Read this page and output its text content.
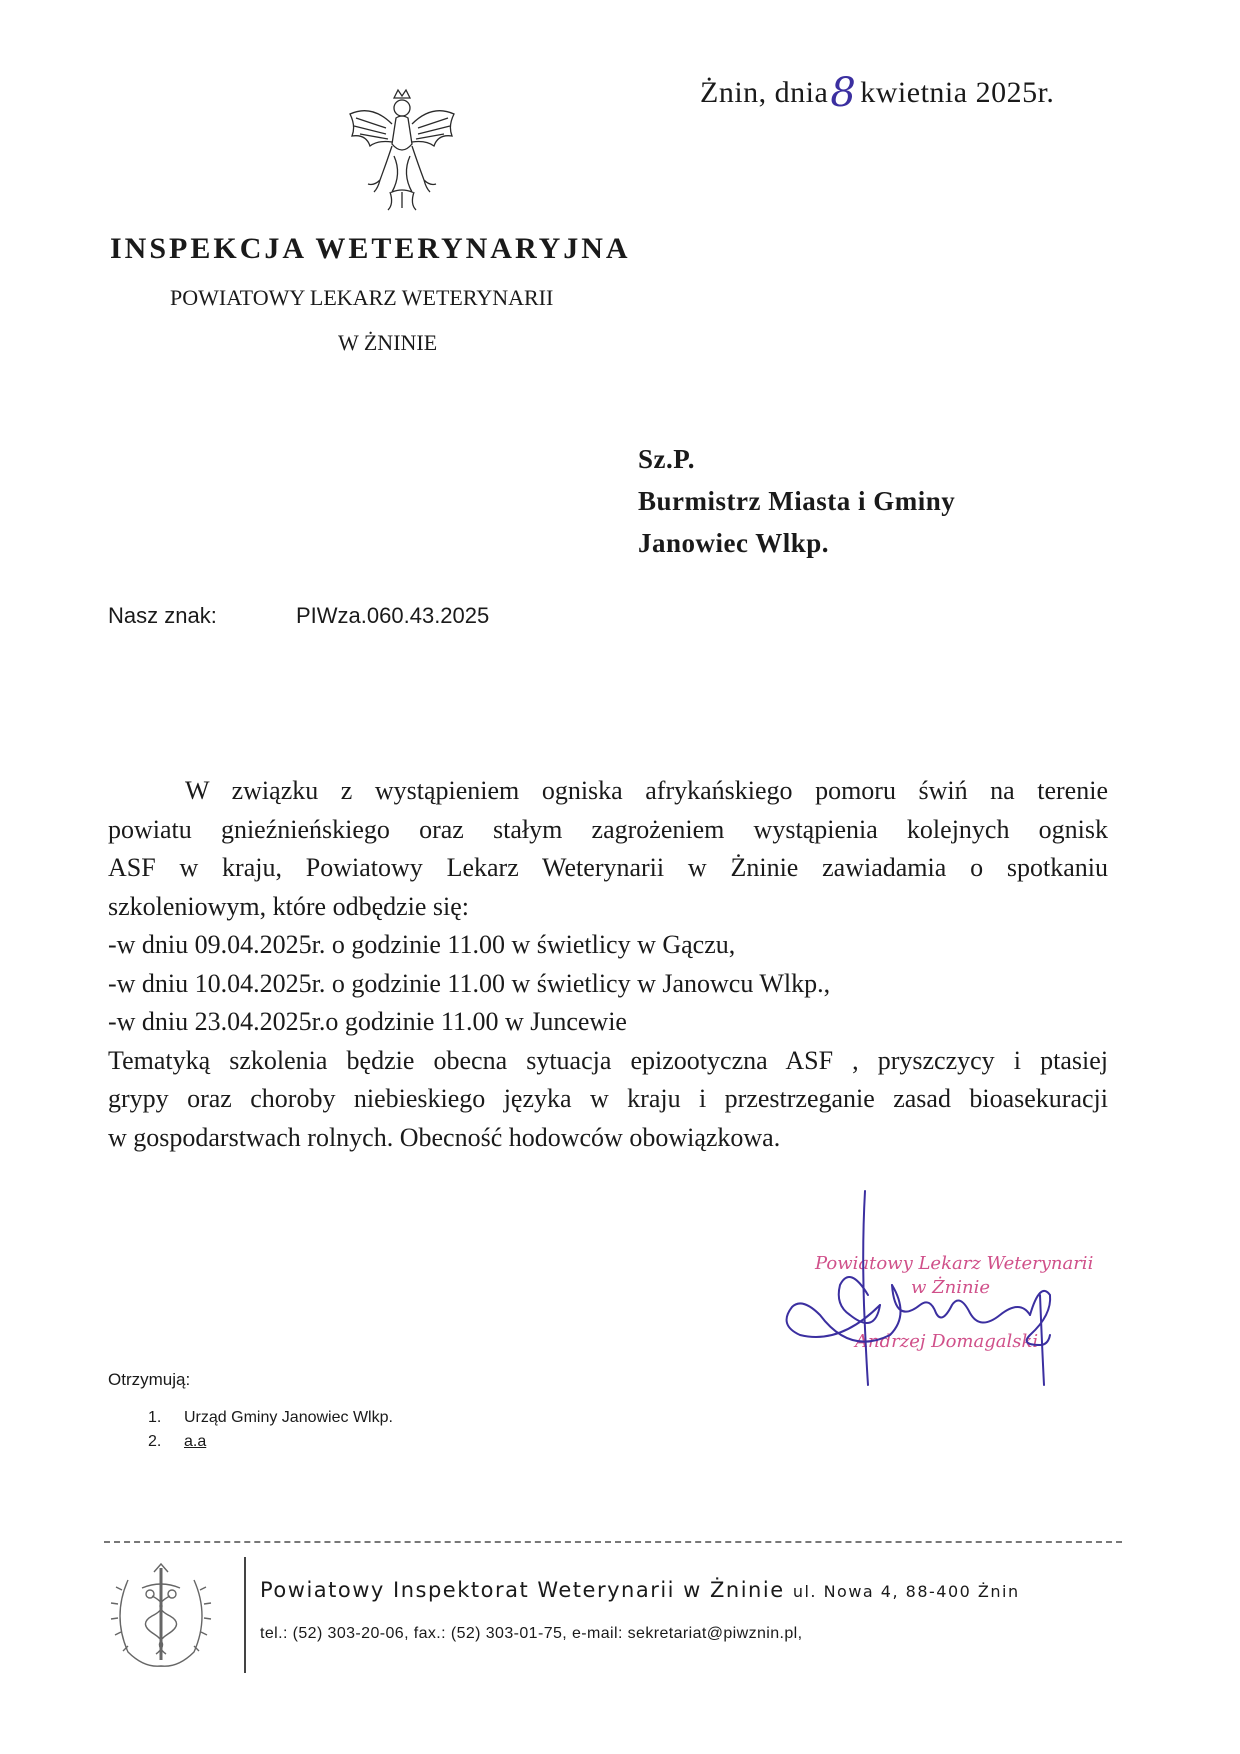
Żnin, dnia8 kwietnia 2025r.
INSPEKCJA WETERYNARYJNA
POWIATOWY LEKARZ WETERYNARII
W ŻNINIE
Sz.P.
Burmistrz Miasta i Gminy
Janowiec Wlkp.
Nasz znak:	PIWza.060.43.2025

W związku z wystąpieniem ogniska afrykańskiego pomoru świń na terenie

powiatu gnieźnieńskiego oraz stałym zagrożeniem wystąpienia kolejnych ognisk

ASF w kraju, Powiatowy Lekarz Weterynarii w Żninie zawiadamia o spotkaniu

szkoleniowym, które odbędzie się:

-w dniu 09.04.2025r. o godzinie 11.00 w świetlicy w Gączu,

-w dniu 10.04.2025r. o godzinie 11.00 w świetlicy w Janowcu Wlkp.,

-w dniu 23.04.2025r.o godzinie 11.00 w Juncewie

Tematyką szkolenia będzie obecna sytuacja epizootyczna ASF , pryszczycy i ptasiej

grypy oraz choroby niebieskiego języka w kraju i przestrzeganie zasad bioasekuracji

w gospodarstwach rolnych. Obecność hodowców obowiązkowa.

Powiatowy Lekarz Weterynarii
w Żninie
Andrzej Domagalski
Otrzymują:
1. Urząd Gminy Janowiec Wlkp.
2. a.a
Powiatowy Inspektorat Weterynarii w Żninie ul. Nowa 4, 88-400 Żnin
tel.: (52) 303-20-06, fax.: (52) 303-01-75, e-mail: sekretariat@piwznin.pl,
